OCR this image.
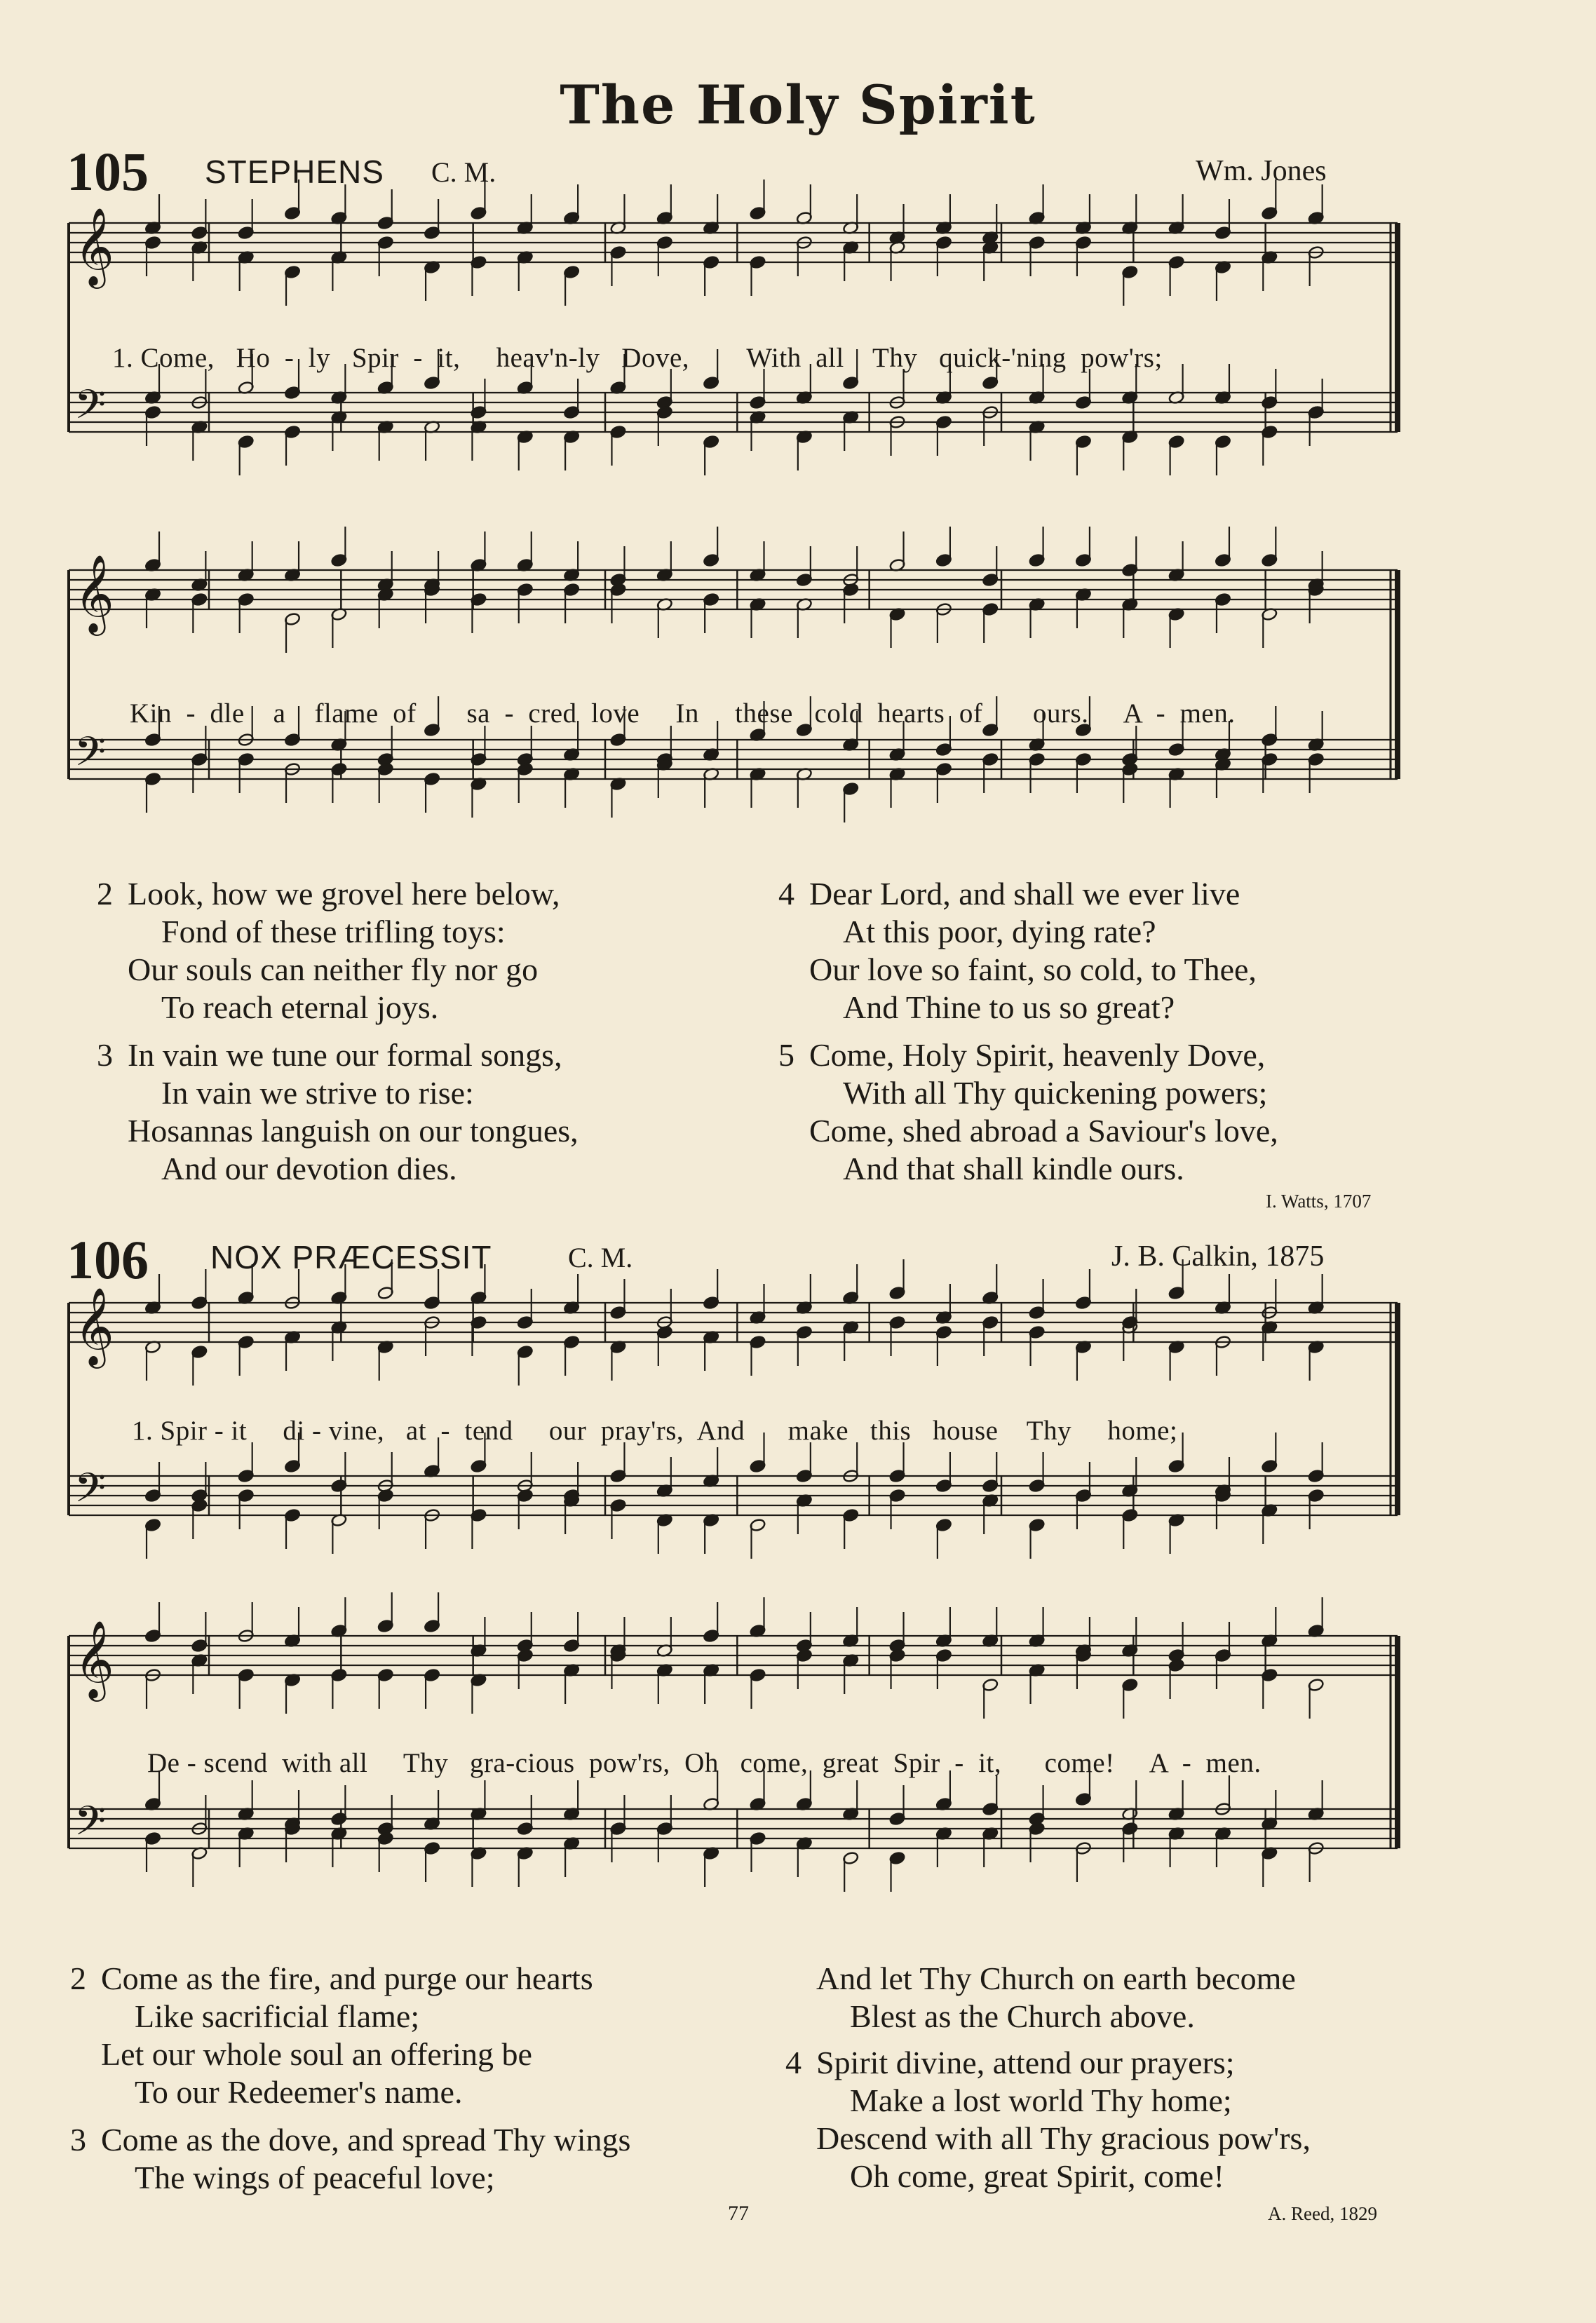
The Holy Spirit
105 STEPHENS C. M.	Wm. Jones
𝄞
𝄢
1. Come,   Ho  -  ly   Spir  -  it,     heav'n-ly   Dove,        With  all    Thy   quick-'ning  pow'rs;
𝄞
𝄢
Kin  -  dle    a    flame  of       sa  -  cred  love     In     these   cold  hearts  of       ours.     A  -  men.
2 Look, how we grovel here below,
Fond of these trifling toys:
Our souls can neither fly nor go
To reach eternal joys.
3 In vain we tune our formal songs,
In vain we strive to rise:
Hosannas languish on our tongues,
And our devotion dies.
4 Dear Lord, and shall we ever live
At this poor, dying rate?
Our love so faint, so cold, to Thee,
And Thine to us so great?
5 Come, Holy Spirit, heavenly Dove,
With all Thy quickening powers;
Come, shed abroad a Saviour's love,
And that shall kindle ours.
I. Watts, 1707
106 NOX PRÆCESSIT	C. M.	J. B. Calkin, 1875
𝄞
𝄢
1. Spir - it     di - vine,   at  -  tend     our  pray'rs,  And      make   this   house    Thy     home;
𝄞
𝄢
De - scend  with all     Thy   gra-cious  pow'rs,  Oh   come,  great  Spir  -  it,      come!     A  -  men.
2 Come as the fire, and purge our hearts
Like sacrificial flame;
Let our whole soul an offering be
To our Redeemer's name.
3 Come as the dove, and spread Thy wings
The wings of peaceful love;
And let Thy Church on earth become
Blest as the Church above.
4 Spirit divine, attend our prayers;
Make a lost world Thy home;
Descend with all Thy gracious pow'rs,
Oh come, great Spirit, come!
77	A. Reed, 1829
